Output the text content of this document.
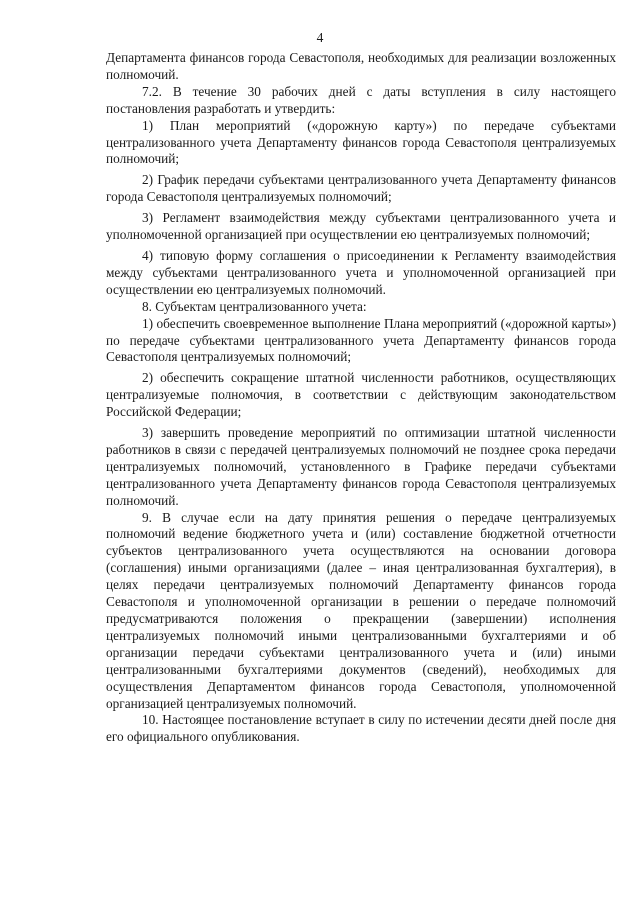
4

Департамента финансов города Севастополя, необходимых для реализации возложенных полномочий.

7.2. В течение 30 рабочих дней с даты вступления в силу настоящего постановления разработать и утвердить:

1) План мероприятий («дорожную карту») по передаче субъектами централизованного учета Департаменту финансов города Севастополя централизуемых полномочий;

2) График передачи субъектами централизованного учета Департаменту финансов города Севастополя централизуемых полномочий;

3) Регламент взаимодействия между субъектами централизованного учета и уполномоченной организацией при осуществлении ею централизуемых полномочий;

4) типовую форму соглашения о присоединении к Регламенту взаимодействия между субъектами централизованного учета и уполномоченной организацией при осуществлении ею централизуемых полномочий.

8. Субъектам централизованного учета:

1) обеспечить своевременное выполнение Плана мероприятий («дорожной карты») по передаче субъектами централизованного учета Департаменту финансов города Севастополя централизуемых полномочий;

2) обеспечить сокращение штатной численности работников, осуществляющих централизуемые полномочия, в соответствии с действующим законодательством Российской Федерации;

3) завершить проведение мероприятий по оптимизации штатной численности работников в связи с передачей централизуемых полномочий не позднее срока передачи централизуемых полномочий, установленного в Графике передачи субъектами централизованного учета Департаменту финансов города Севастополя централизуемых полномочий.

9. В случае если на дату принятия решения о передаче централизуемых полномочий ведение бюджетного учета и (или) составление бюджетной отчетности субъектов централизованного учета осуществляются на основании договора (соглашения) иными организациями (далее – иная централизованная бухгалтерия), в целях передачи централизуемых полномочий Департаменту финансов города Севастополя и уполномоченной организации в решении о передаче полномочий предусматриваются положения о прекращении (завершении) исполнения централизуемых полномочий иными централизованными бухгалтериями и об организации передачи субъектами централизованного учета и (или) иными централизованными бухгалтериями документов (сведений), необходимых для осуществления Департаментом финансов города Севастополя, уполномоченной организацией централизуемых полномочий.

10. Настоящее постановление вступает в силу по истечении десяти дней после дня его официального опубликования.
